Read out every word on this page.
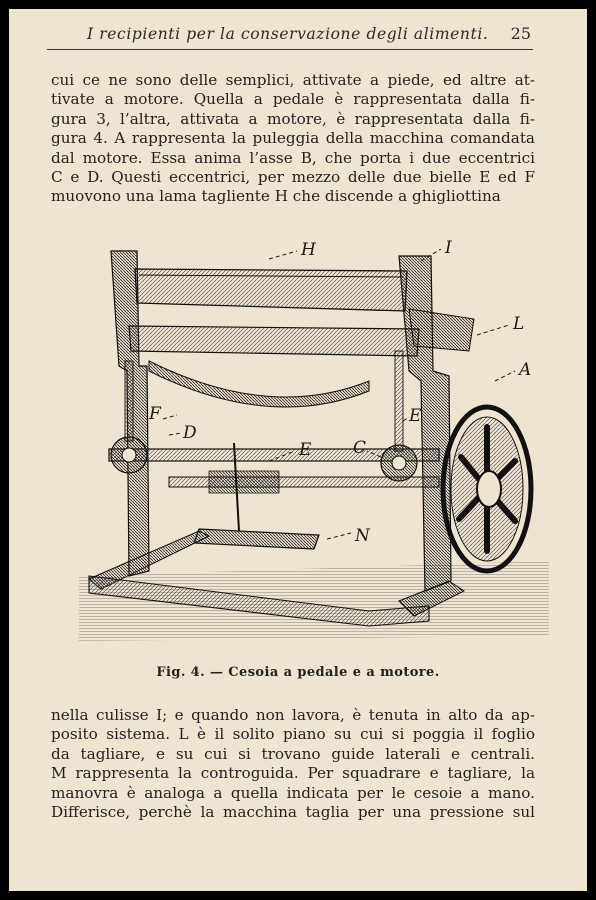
I recipienti per la conservazione degli alimenti. 25
cui ce ne sono delle semplici, attivate a piede, ed altre at-
tivate a motore. Quella a pedale è rappresentata dalla fi-
gura 3, l’altra, attivata a motore, è rappresentata dalla fi-
gura 4. A rappresenta la puleggia della macchina comandata
dal motore. Essa anima l’asse B, che porta i due eccentrici
C e D. Questi eccentrici, per mezzo delle due bielle E ed F
muovono una lama tagliente H che discende a ghigliottina
H	I
L
A
F
D
E C
E
N
Fig. 4. — Cesoia a pedale e a motore.
nella culisse I; e quando non lavora, è tenuta in alto da ap-
posito sistema. L è il solito piano su cui si poggia il foglio
da tagliare, e su cui si trovano guide laterali e centrali.
M rappresenta la controguida. Per squadrare e tagliare, la
manovra è analoga a quella indicata per le cesoie a mano.
Differisce, perchè la macchina taglia per una pressione sul
